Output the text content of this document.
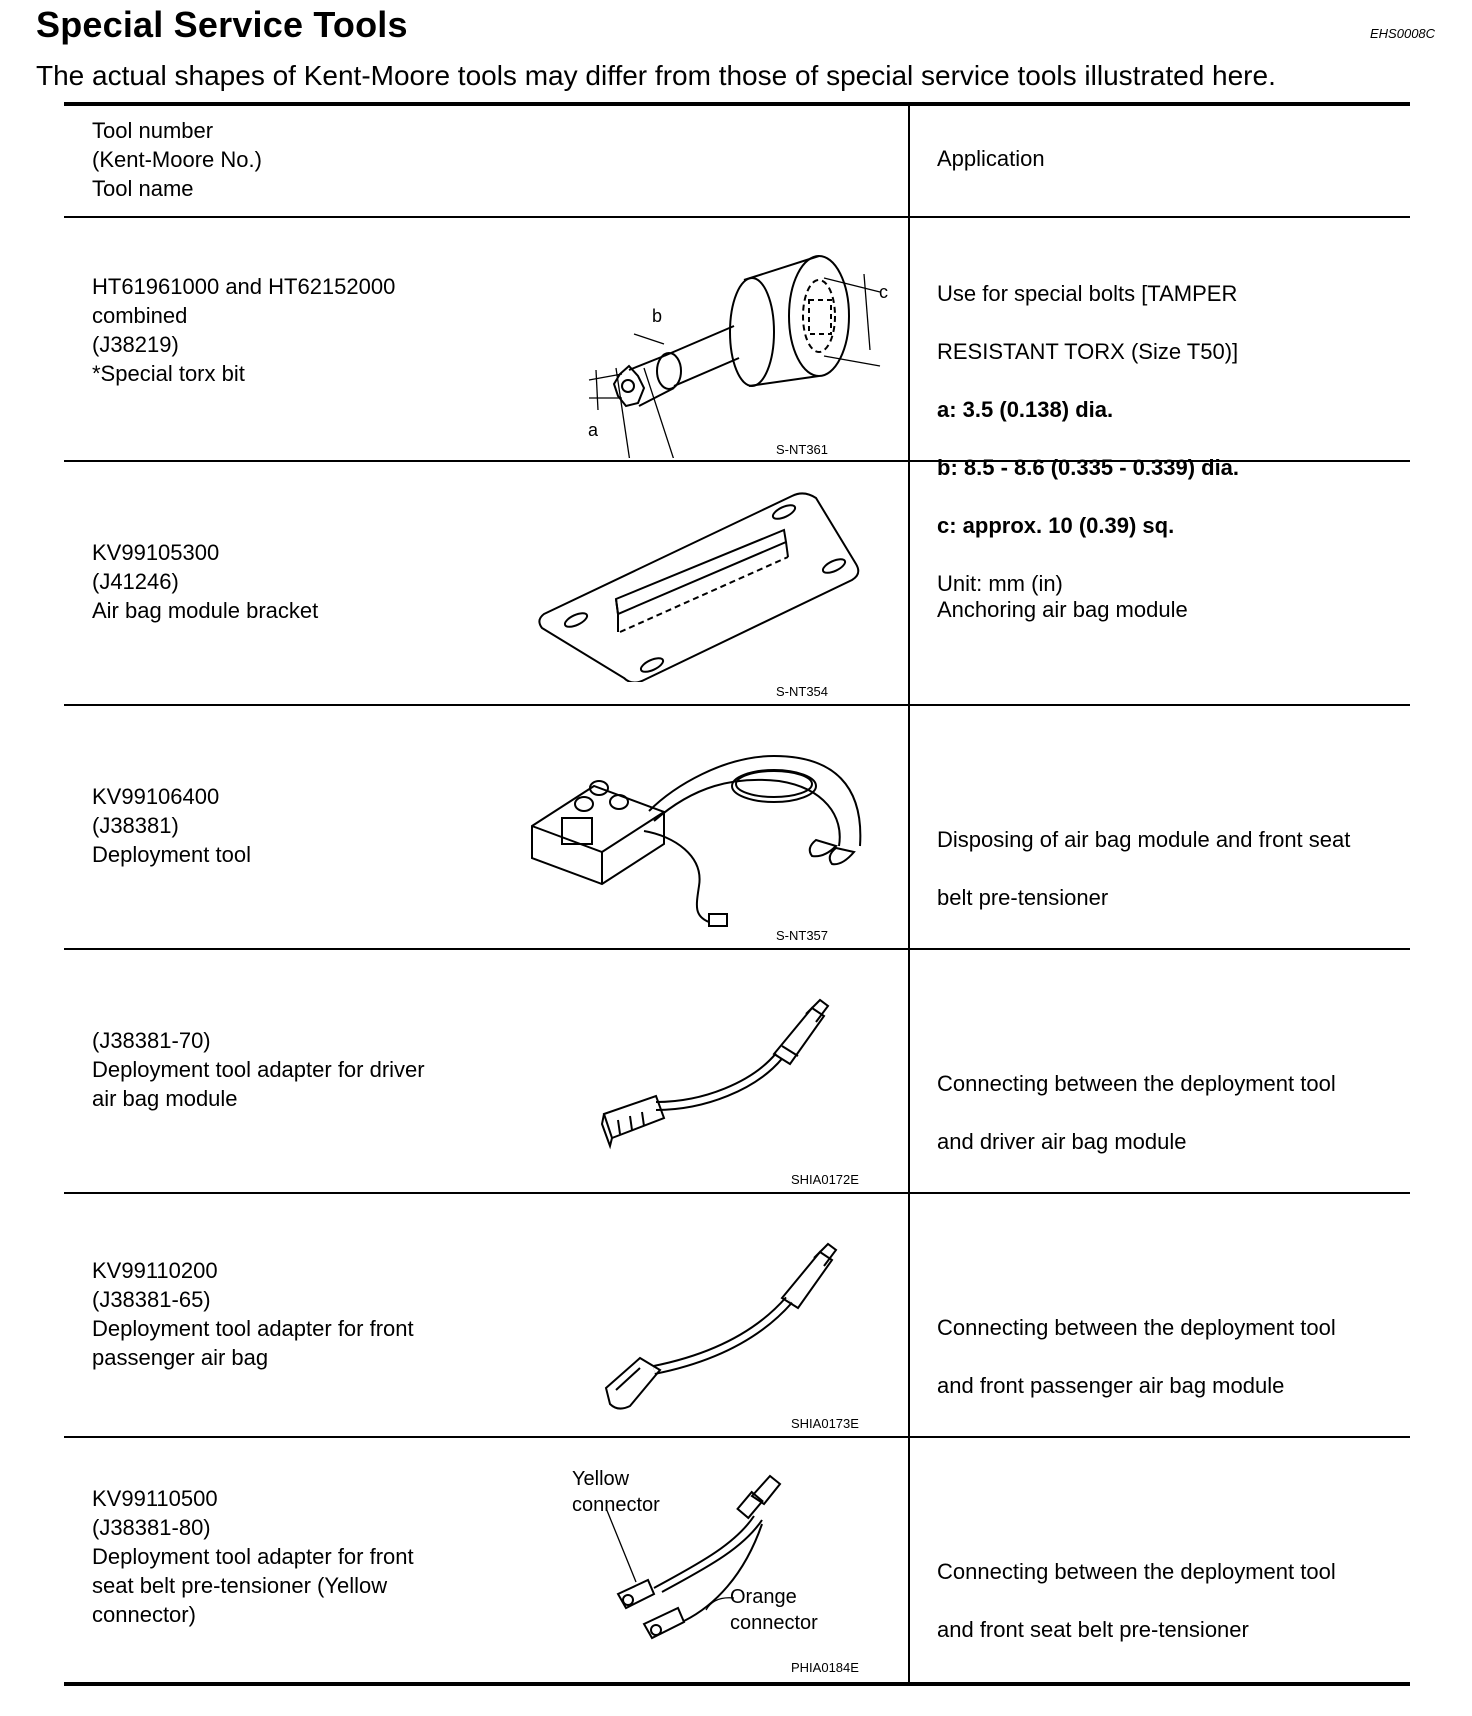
Special Service Tools	EHS0008C
The actual shapes of Kent-Moore tools may differ from those of special service tools illustrated here.
Tool number
(Kent-Moore No.)
Tool name
Application
HT61961000 and HT62152000
combined
(J38219)
*Special torx bit
b
a
c
S-NT361

Use for special bolts [TAMPER

RESISTANT TORX (Size T50)]

a: 3.5 (0.138) dia.

b: 8.5 - 8.6 (0.335 - 0.339) dia.

c: approx. 10 (0.39) sq.

Unit: mm (in)

KV99105300
(J41246)
Air bag module bracket
S-NT354

Anchoring air bag module

KV99106400
(J38381)
Deployment tool
S-NT357

Disposing of air bag module and front seat

belt pre-tensioner

(J38381-70)
Deployment tool adapter for driver
air bag module
SHIA0172E

Connecting between the deployment tool

and driver air bag module

KV99110200
(J38381-65)
Deployment tool adapter for front
passenger air bag
SHIA0173E

Connecting between the deployment tool

and front passenger air bag module

KV99110500
(J38381-80)
Deployment tool adapter for front
seat belt pre-tensioner (Yellow
connector)
PHIA0184E
Yellow
connector
Orange
connector

Connecting between the deployment tool

and front seat belt pre-tensioner
